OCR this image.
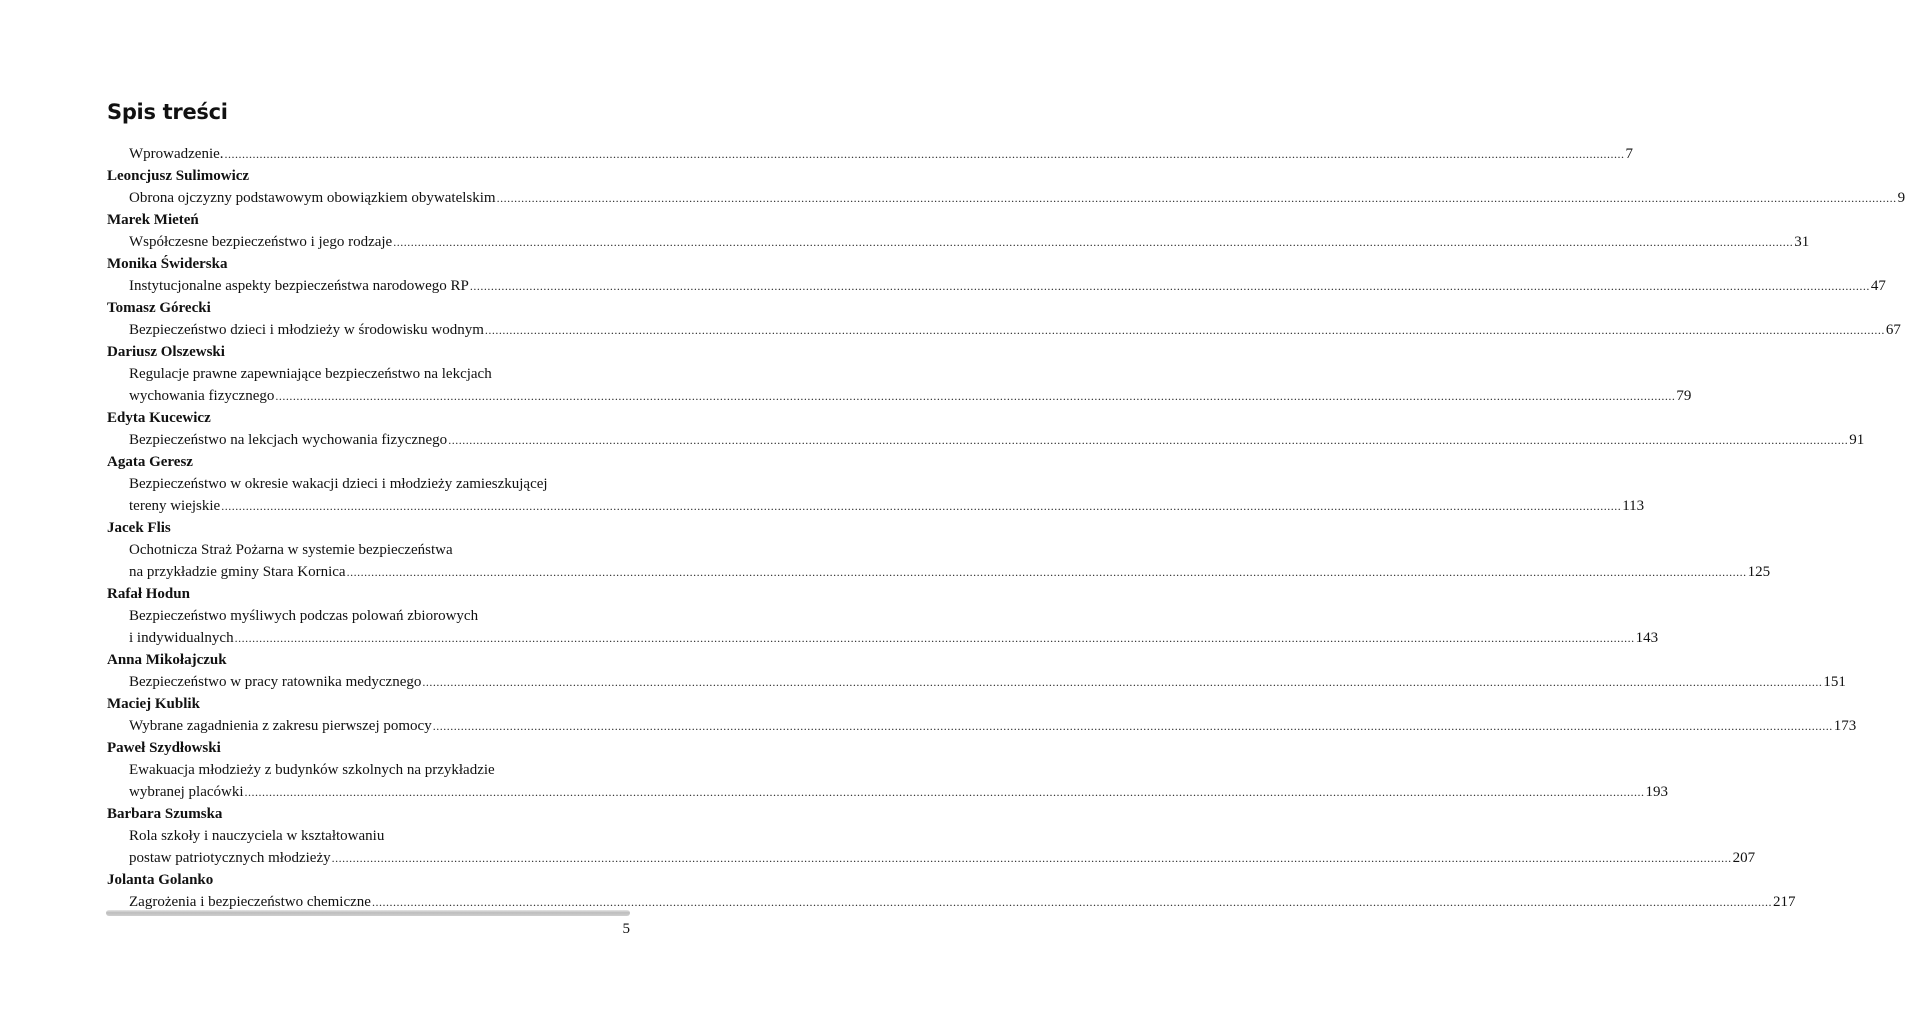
Spis treści
Wprowadzenie. ................................................................................................................................................................................................................................................................................................................................................................................................................ 7
Leoncjusz Sulimowicz
Obrona ojczyzny podstawowym obowiązkiem obywatelskim ................................................................................................................................................................................................................................................................................................................................................................................................................ 9
Marek Mieteń
Współczesne bezpieczeństwo i jego rodzaje ................................................................................................................................................................................................................................................................................................................................................................................................................ 31
Monika Świderska
Instytucjonalne aspekty bezpieczeństwa narodowego RP ................................................................................................................................................................................................................................................................................................................................................................................................................ 47
Tomasz Górecki
Bezpieczeństwo dzieci i młodzieży w środowisku wodnym ................................................................................................................................................................................................................................................................................................................................................................................................................ 67
Dariusz Olszewski
Regulacje prawne zapewniające bezpieczeństwo na lekcjach
wychowania fizycznego ................................................................................................................................................................................................................................................................................................................................................................................................................ 79
Edyta Kucewicz
Bezpieczeństwo na lekcjach wychowania fizycznego ................................................................................................................................................................................................................................................................................................................................................................................................................ 91
Agata Geresz
Bezpieczeństwo w okresie wakacji dzieci i młodzieży zamieszkującej
tereny wiejskie ................................................................................................................................................................................................................................................................................................................................................................................................................ 113
Jacek Flis
Ochotnicza Straż Pożarna w systemie bezpieczeństwa
na przykładzie gminy Stara Kornica ................................................................................................................................................................................................................................................................................................................................................................................................................ 125
Rafał Hodun
Bezpieczeństwo myśliwych podczas polowań zbiorowych
i indywidualnych ................................................................................................................................................................................................................................................................................................................................................................................................................ 143
Anna Mikołajczuk
Bezpieczeństwo w pracy ratownika medycznego ................................................................................................................................................................................................................................................................................................................................................................................................................ 151
Maciej Kublik
Wybrane zagadnienia z zakresu pierwszej pomocy ................................................................................................................................................................................................................................................................................................................................................................................................................ 173
Paweł Szydłowski
Ewakuacja młodzieży z budynków szkolnych na przykładzie
wybranej placówki ................................................................................................................................................................................................................................................................................................................................................................................................................ 193
Barbara Szumska
Rola szkoły i nauczyciela w kształtowaniu
postaw patriotycznych młodzieży ................................................................................................................................................................................................................................................................................................................................................................................................................ 207
Jolanta Golanko
Zagrożenia i bezpieczeństwo chemiczne ................................................................................................................................................................................................................................................................................................................................................................................................................ 217
5
